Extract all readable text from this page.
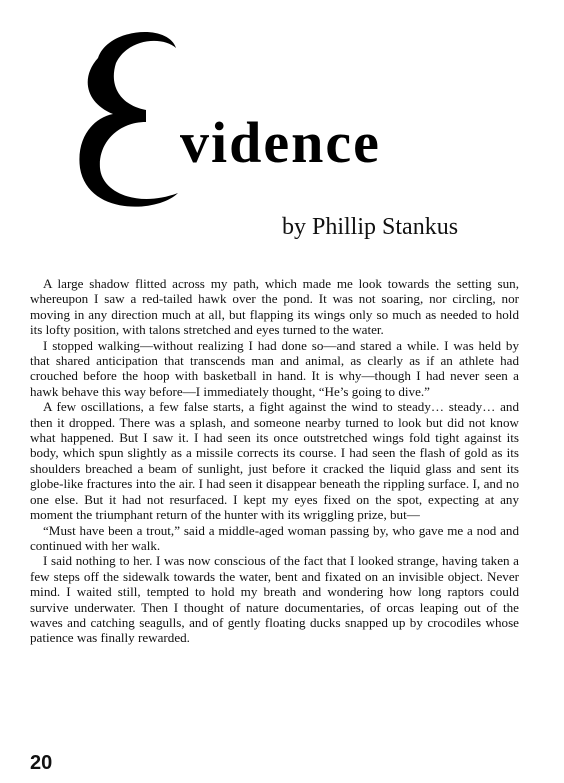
vidence
by Phillip Stankus

A large shadow flitted across my path, which made me look towards the setting sun, whereupon I saw a red-tailed hawk over the pond. It was not soaring, nor circling, nor moving in any direction much at all, but flapping its wings only so much as needed to hold its lofty position, with talons stretched and eyes turned to the water.

I stopped walking—without realizing I had done so—and stared a while. I was held by that shared anticipation that transcends man and animal, as clearly as if an athlete had crouched before the hoop with basketball in hand. It is why—though I had never seen a hawk behave this way before—I immediately thought, “He’s going to dive.”

A few oscillations, a few false starts, a fight against the wind to steady… steady… and then it dropped. There was a splash, and someone nearby turned to look but did not know what happened. But I saw it. I had seen its once outstretched wings fold tight against its body, which spun slightly as a missile corrects its course. I had seen the flash of gold as its shoulders breached a beam of sunlight, just before it cracked the liquid glass and sent its globe-like fractures into the air. I had seen it disappear beneath the rippling surface. I, and no one else. But it had not resurfaced. I kept my eyes fixed on the spot, expecting at any moment the triumphant return of the hunter with its wriggling prize, but—

“Must have been a trout,” said a middle-aged woman passing by, who gave me a nod and continued with her walk.

I said nothing to her. I was now conscious of the fact that I looked strange, having taken a few steps off the sidewalk towards the water, bent and fixated on an invisible object. Never mind. I waited still, tempted to hold my breath and wondering how long raptors could survive underwater. Then I thought of nature documentaries, of orcas leaping out of the waves and catching seagulls, and of gently floating ducks snapped up by crocodiles whose patience was finally rewarded.

20
